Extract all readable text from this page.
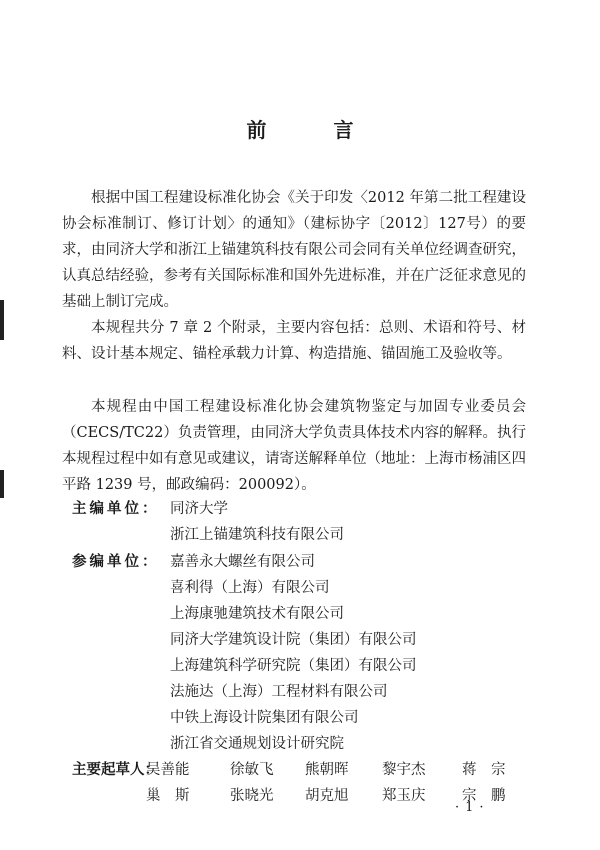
前 言

根据中国工程建设标准化协会《关于印发〈2012 年第二批工程建设协会标准制订、修订计划〉的通知》（建标协字〔2012〕127号）的要求，由同济大学和浙江上锚建筑科技有限公司会同有关单位经调查研究，认真总结经验，参考有关国际标准和国外先进标准，并在广泛征求意见的基础上制订完成。

本规程共分 7 章 2 个附录，主要内容包括：总则、术语和符号、材料、设计基本规定、锚栓承载力计算、构造措施、锚固施工及验收等。

本规程由中国工程建设标准化协会建筑物鉴定与加固专业委员会（CECS/TC22）负责管理，由同济大学负责具体技术内容的解释。执行本规程过程中如有意见或建议，请寄送解释单位（地址：上海市杨浦区四平路 1239 号，邮政编码：200092）。

主编单位： 同济大学
浙江上锚建筑科技有限公司
参编单位： 嘉善永大螺丝有限公司
喜利得（上海）有限公司
上海康驰建筑技术有限公司
同济大学建筑设计院（集团）有限公司
上海建筑科学研究院（集团）有限公司
法施达（上海）工程材料有限公司
中铁上海设计院集团有限公司
浙江省交通规划设计研究院
主要起草人：
吴善能	徐敏飞 熊朝晖 黎宇杰	蒋　宗
巢　斯	张晓光 胡克旭 郑玉庆	宗　鹏
·1·
